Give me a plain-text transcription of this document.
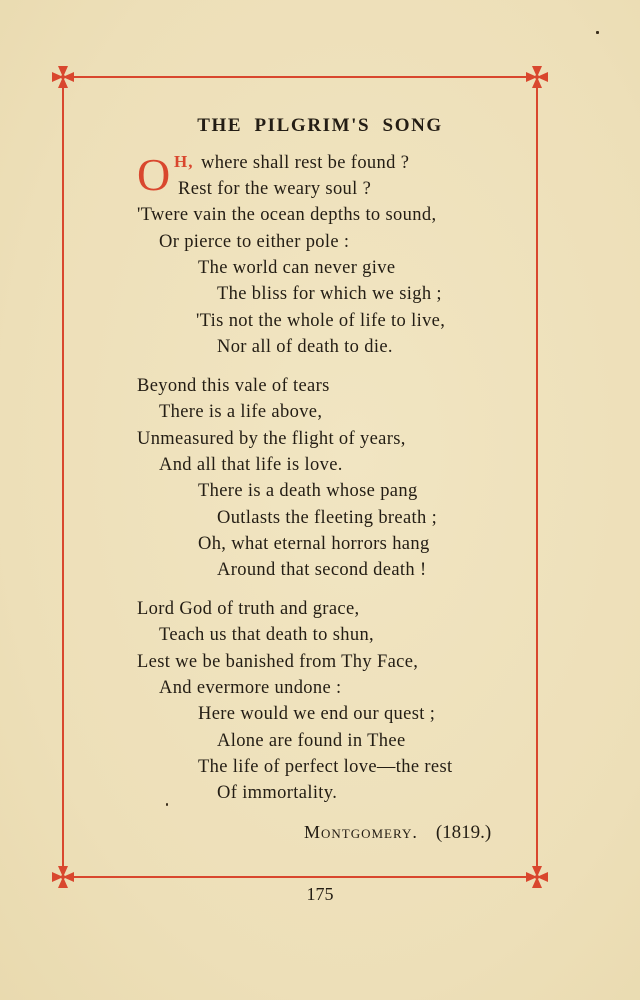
THE PILGRIM'S SONG
O H, where shall rest be found ?
Rest for the weary soul ?
'Twere vain the ocean depths to sound,
Or pierce to either pole :
The world can never give
The bliss for which we sigh ;
'Tis not the whole of life to live,
Nor all of death to die.
Beyond this vale of tears
There is a life above,
Unmeasured by the flight of years,
And all that life is love.
There is a death whose pang
Outlasts the fleeting breath ;
Oh, what eternal horrors hang
Around that second death !
Lord God of truth and grace,
Teach us that death to shun,
Lest we be banished from Thy Face,
And evermore undone :
Here would we end our quest ;
Alone are found in Thee
The life of perfect love—the rest
Of immortality.
Montgomery. (1819.)
175
